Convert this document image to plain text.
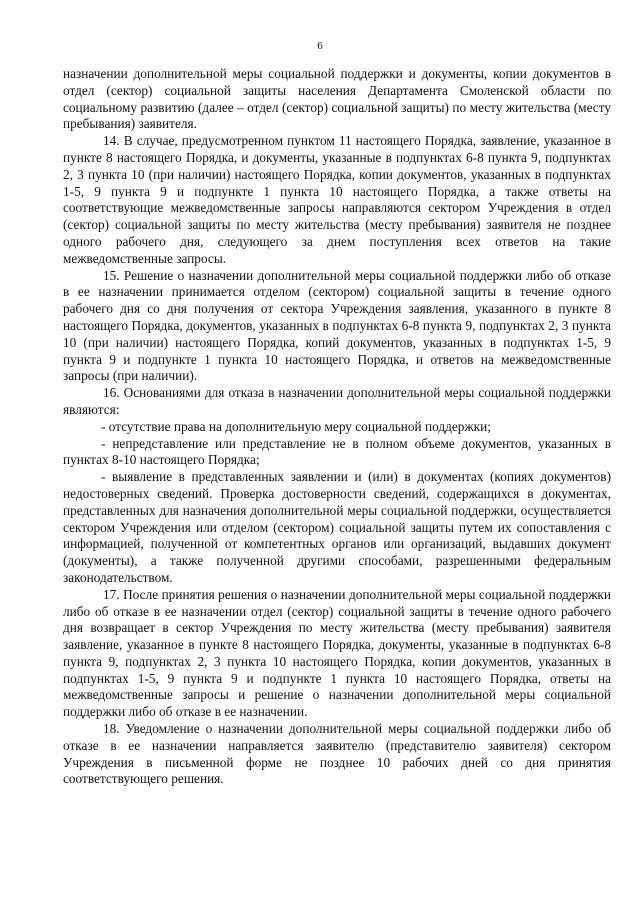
6

назначении дополнительной меры социальной поддержки и документы, копии документов в отдел (сектор) социальной защиты населения Департамента Смоленской области по социальному развитию (далее – отдел (сектор) социальной защиты) по месту жительства (месту пребывания) заявителя.

14. В случае, предусмотренном пунктом 11 настоящего Порядка, заявление, указанное в пункте 8 настоящего Порядка, и документы, указанные в подпунктах 6-8 пункта 9, подпунктах 2, 3 пункта 10 (при наличии) настоящего Порядка, копии документов, указанных в подпунктах 1-5, 9 пункта 9 и подпункте 1 пункта 10 настоящего Порядка, а также ответы на соответствующие межведомственные запросы направляются сектором Учреждения в отдел (сектор) социальной защиты по месту жительства (месту пребывания) заявителя не позднее одного рабочего дня, следующего за днем поступления всех ответов на такие межведомственные запросы.

15. Решение о назначении дополнительной меры социальной поддержки либо об отказе в ее назначении принимается отделом (сектором) социальной защиты в течение одного рабочего дня со дня получения от сектора Учреждения заявления, указанного в пункте 8 настоящего Порядка, документов, указанных в подпунктах 6-8 пункта 9, подпунктах 2, 3 пункта 10 (при наличии) настоящего Порядка, копий документов, указанных в подпунктах 1-5, 9 пункта 9 и подпункте 1 пункта 10 настоящего Порядка, и ответов на межведомственные запросы (при наличии).

16. Основаниями для отказа в назначении дополнительной меры социальной поддержки являются:

- отсутствие права на дополнительную меру социальной поддержки;

- непредставление или представление не в полном объеме документов, указанных в пунктах 8-10 настоящего Порядка;

- выявление в представленных заявлении и (или) в документах (копиях документов) недостоверных сведений. Проверка достоверности сведений, содержащихся в документах, представленных для назначения дополнительной меры социальной поддержки, осуществляется сектором Учреждения или отделом (сектором) социальной защиты путем их сопоставления с информацией, полученной от компетентных органов или организаций, выдавших документ (документы), а также полученной другими способами, разрешенными федеральным законодательством.

17. После принятия решения о назначении дополнительной меры социальной поддержки либо об отказе в ее назначении отдел (сектор) социальной защиты в течение одного рабочего дня возвращает в сектор Учреждения по месту жительства (месту пребывания) заявителя заявление, указанное в пункте 8 настоящего Порядка, документы, указанные в подпунктах 6-8 пункта 9, подпунктах 2, 3 пункта 10 настоящего Порядка, копии документов, указанных в подпунктах 1-5, 9 пункта 9 и подпункте 1 пункта 10 настоящего Порядка, ответы на межведомственные запросы и решение о назначении дополнительной меры социальной поддержки либо об отказе в ее назначении.

18. Уведомление о назначении дополнительной меры социальной поддержки либо об отказе в ее назначении направляется заявителю (представителю заявителя) сектором Учреждения в письменной форме не позднее 10 рабочих дней со дня принятия соответствующего решения.
